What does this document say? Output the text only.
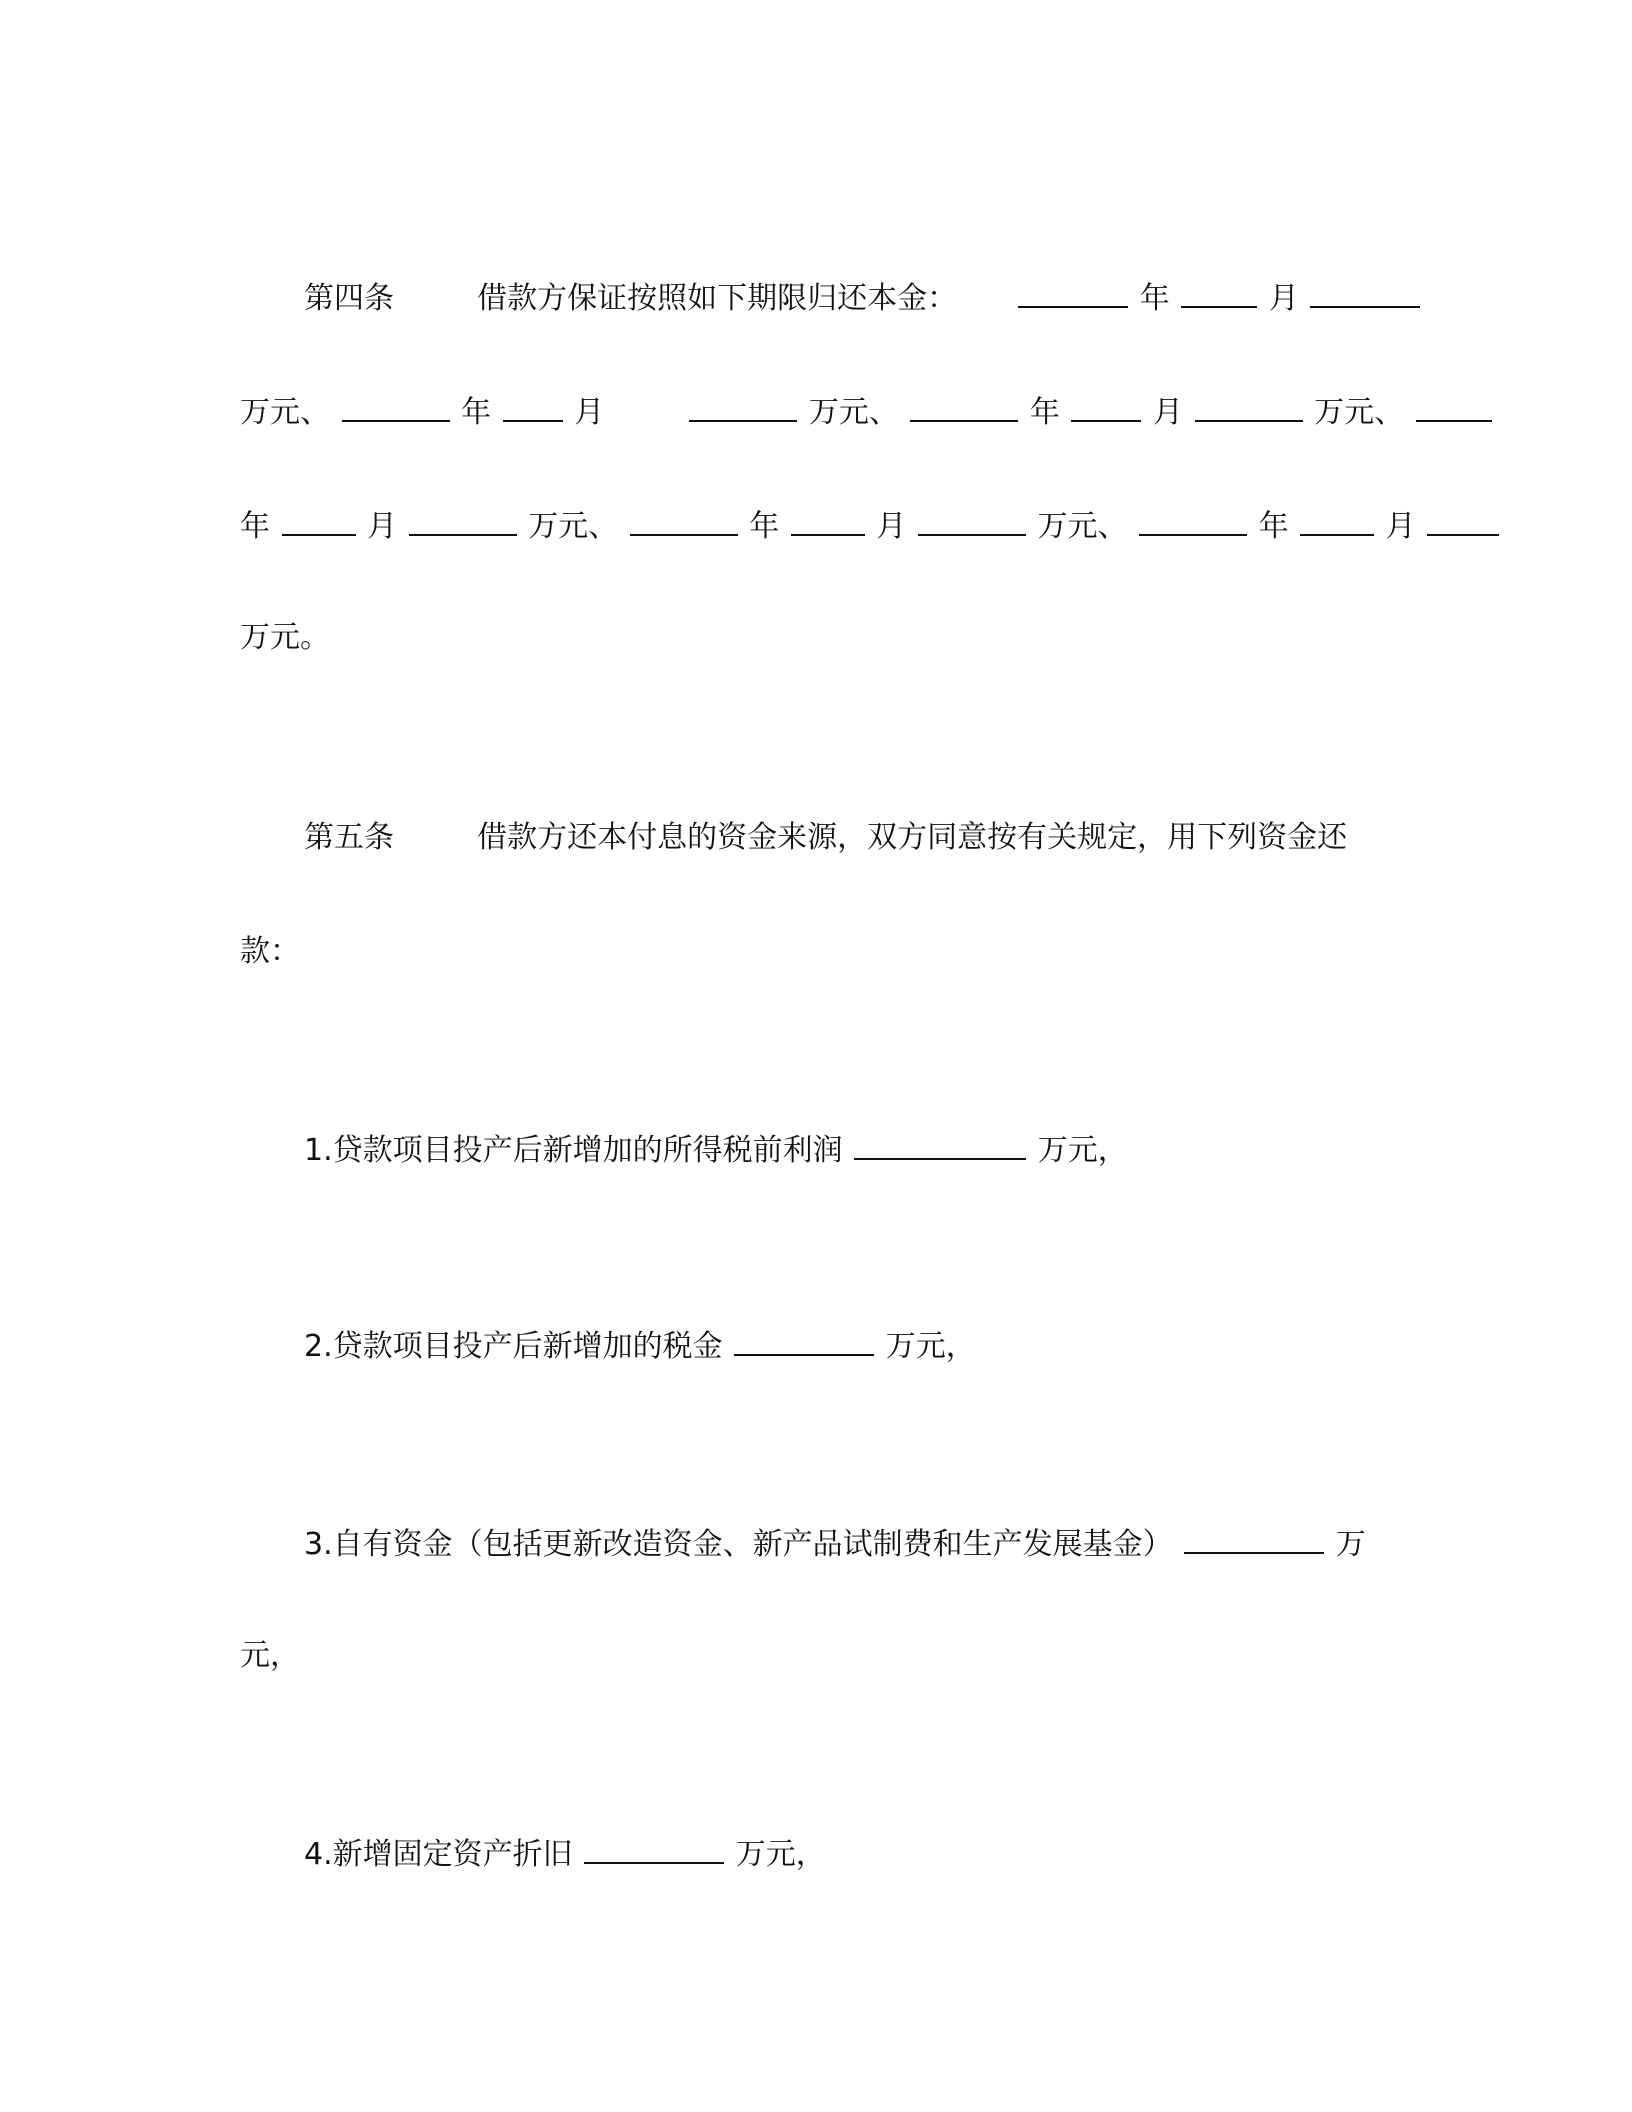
第四条	借款方保证按照如下期限归还本金：	年	月
万元、	年	月	万元、	年	月	万元、
年	月	万元、	年	月	万元、	年	月
万元。
第五条	借款方还本付息的资金来源，双方同意按有关规定，用下列资金还
款：
1.贷款项目投产后新增加的所得税前利润	万元，
2.贷款项目投产后新增加的税金	万元，
3.自有资金（包括更新改造资金、新产品试制费和生产发展基金）	万
元，
4.新增固定资产折旧	万元，
